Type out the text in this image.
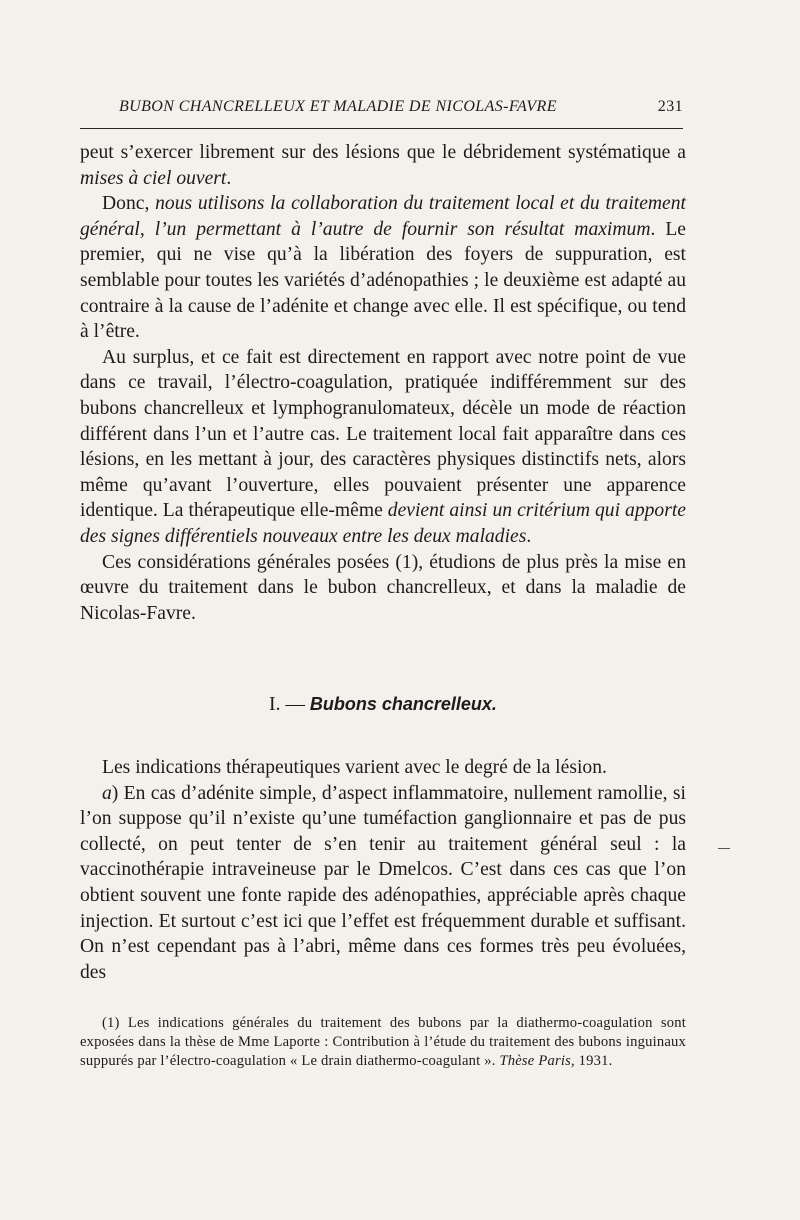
BUBON CHANCRELLEUX ET MALADIE DE NICOLAS-FAVRE	231

peut s’exercer librement sur des lésions que le débridement systématique a mises à ciel ouvert.

Donc, nous utilisons la collaboration du traitement local et du traitement général, l’un permettant à l’autre de fournir son résultat maximum. Le premier, qui ne vise qu’à la libération des foyers de suppuration, est semblable pour toutes les variétés d’adénopathies ; le deuxième est adapté au contraire à la cause de l’adénite et change avec elle. Il est spécifique, ou tend à l’être.

Au surplus, et ce fait est directement en rapport avec notre point de vue dans ce travail, l’électro-coagulation, pratiquée indifféremment sur des bubons chancrelleux et lymphogranulomateux, décèle un mode de réaction différent dans l’un et l’autre cas. Le traitement local fait apparaître dans ces lésions, en les mettant à jour, des caractères physiques distinctifs nets, alors même qu’avant l’ouverture, elles pouvaient présenter une apparence identique. La thérapeutique elle-même devient ainsi un critérium qui apporte des signes différentiels nouveaux entre les deux maladies.

Ces considérations générales posées (1), étudions de plus près la mise en œuvre du traitement dans le bubon chancrelleux, et dans la maladie de Nicolas-Favre.

I. — Bubons chancrelleux.

Les indications thérapeutiques varient avec le degré de la lésion.

a) En cas d’adénite simple, d’aspect inflammatoire, nullement ramollie, si l’on suppose qu’il n’existe qu’une tuméfaction ganglionnaire et pas de pus collecté, on peut tenter de s’en tenir au traitement général seul : la vaccinothérapie intraveineuse par le Dmelcos. C’est dans ces cas que l’on obtient souvent une fonte rapide des adénopathies, appréciable après chaque injection. Et surtout c’est ici que l’effet est fréquemment durable et suffisant. On n’est cependant pas à l’abri, même dans ces formes très peu évoluées, des

(1) Les indications générales du traitement des bubons par la diathermo-coagulation sont exposées dans la thèse de Mme Laporte : Contribution à l’étude du traitement des bubons inguinaux suppurés par l’électro-coagulation « Le drain diathermo-coagulant ». Thèse Paris, 1931.
